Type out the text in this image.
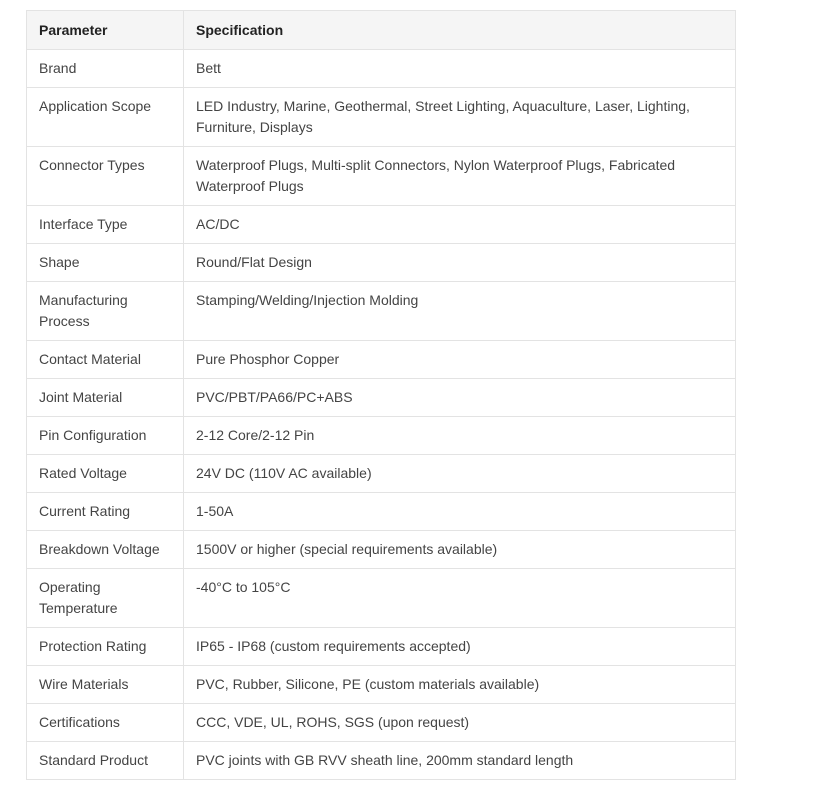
Parameter	Specification
Brand	Bett
Application Scope	LED Industry, Marine, Geothermal, Street Lighting, Aquaculture, Laser, Lighting, Furniture, Displays
Connector Types	Waterproof Plugs, Multi-split Connectors, Nylon Waterproof Plugs, Fabricated Waterproof Plugs
Interface Type	AC/DC
Shape	Round/Flat Design
Manufacturing Process	Stamping/Welding/Injection Molding
Contact Material	Pure Phosphor Copper
Joint Material	PVC/PBT/PA66/PC+ABS
Pin Configuration	2-12 Core/2-12 Pin
Rated Voltage	24V DC (110V AC available)
Current Rating	1-50A
Breakdown Voltage	1500V or higher (special requirements available)
Operating Temperature	-40°C to 105°C
Protection Rating	IP65 - IP68 (custom requirements accepted)
Wire Materials	PVC, Rubber, Silicone, PE (custom materials available)
Certifications	CCC, VDE, UL, ROHS, SGS (upon request)
Standard Product	PVC joints with GB RVV sheath line, 200mm standard length
